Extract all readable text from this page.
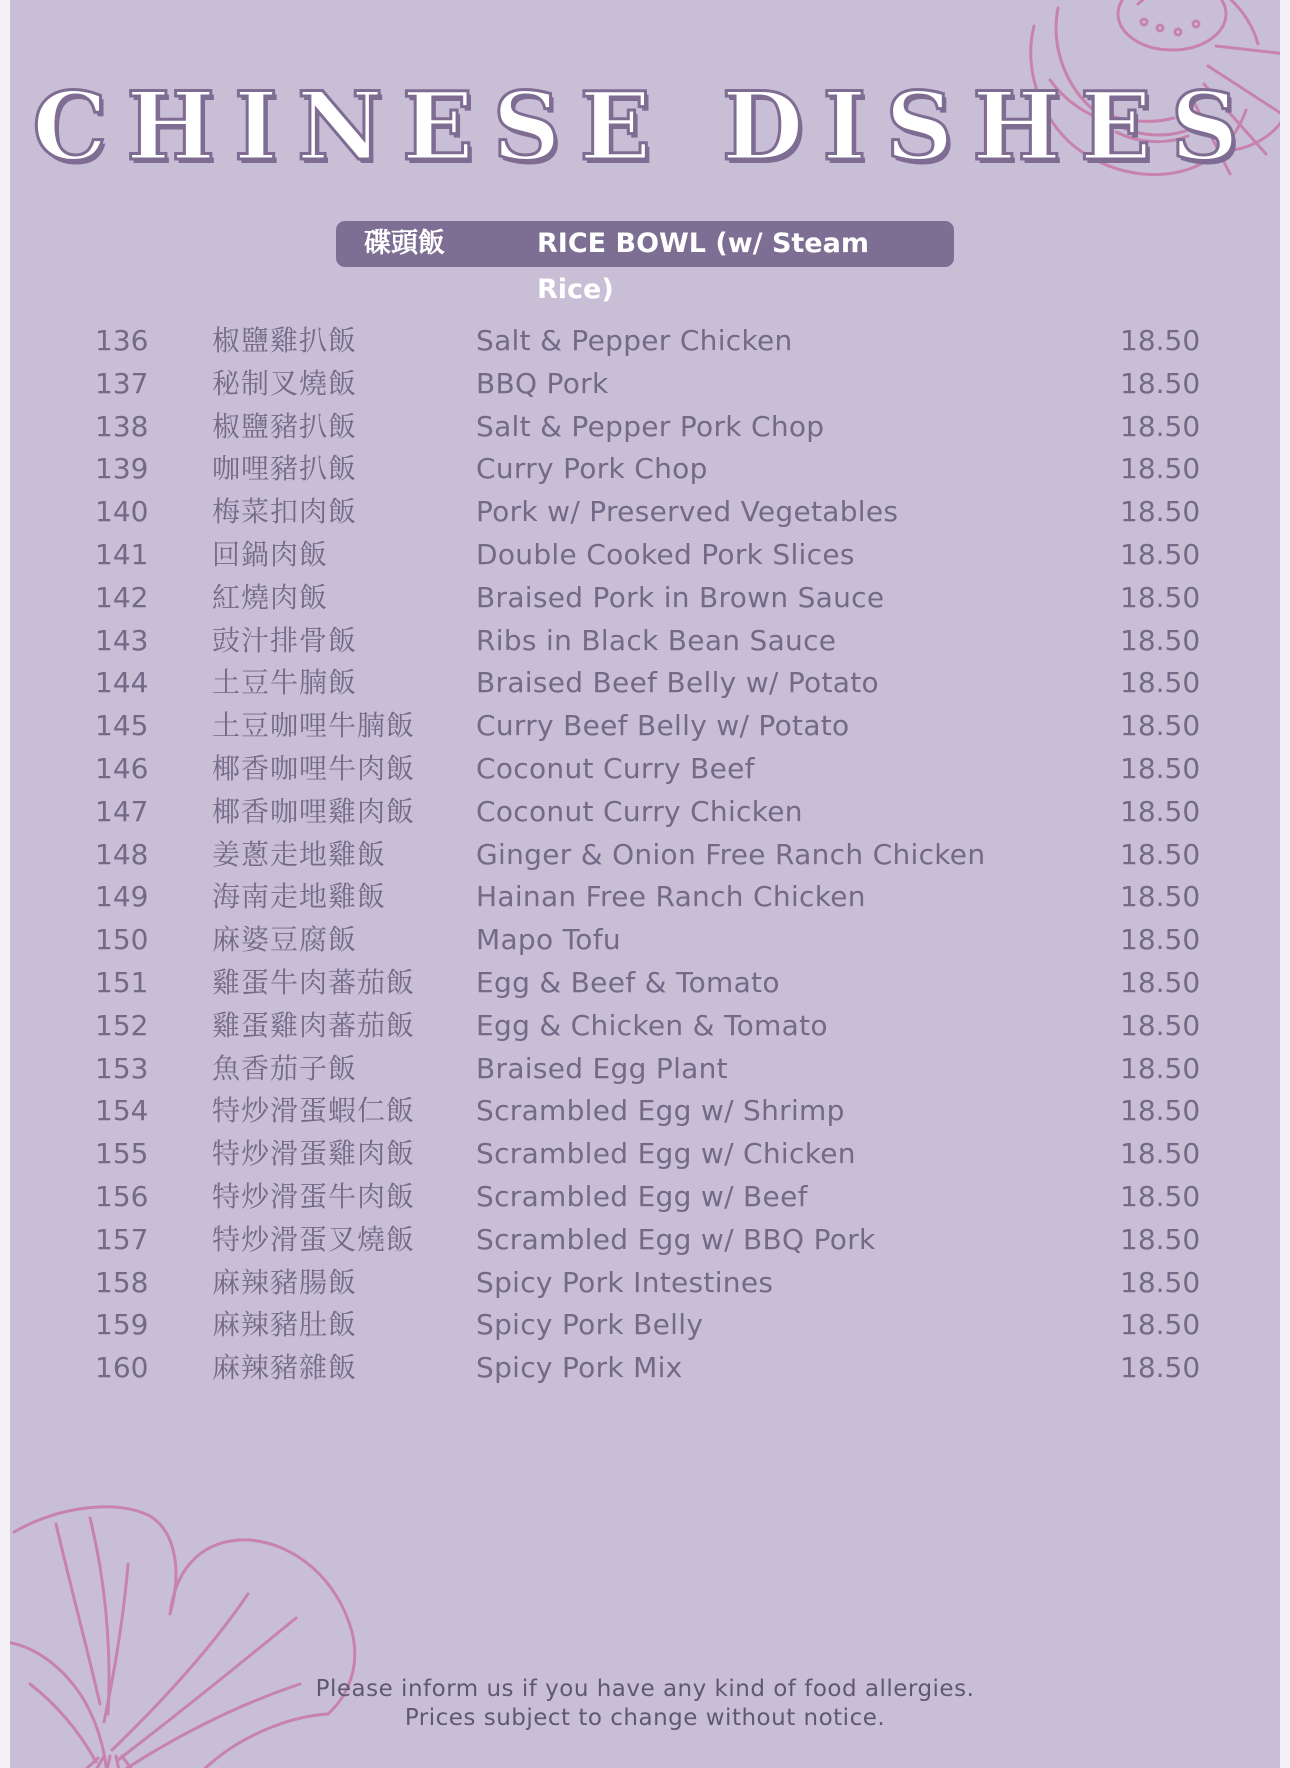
CHINESE DISHES
碟頭飯	RICE BOWL (w/ Steam Rice)
136 椒鹽雞扒飯	Salt & Pepper Chicken	18.50
137 秘制叉燒飯	BBQ Pork	18.50
138 椒鹽豬扒飯	Salt & Pepper Pork Chop	18.50
139 咖哩豬扒飯	Curry Pork Chop	18.50
140 梅菜扣肉飯	Pork w/ Preserved Vegetables	18.50
141 回鍋肉飯	Double Cooked Pork Slices	18.50
142 紅燒肉飯	Braised Pork in Brown Sauce	18.50
143 豉汁排骨飯	Ribs in Black Bean Sauce	18.50
144 土豆牛腩飯	Braised Beef Belly w/ Potato	18.50
145 土豆咖哩牛腩飯 Curry Beef Belly w/ Potato	18.50
146 椰香咖哩牛肉飯 Coconut Curry Beef	18.50
147 椰香咖哩雞肉飯 Coconut Curry Chicken	18.50
148 姜蔥走地雞飯	Ginger & Onion Free Ranch Chicken	18.50
149 海南走地雞飯	Hainan Free Ranch Chicken	18.50
150 麻婆豆腐飯	Mapo Tofu	18.50
151 雞蛋牛肉蕃茄飯 Egg & Beef & Tomato	18.50
152 雞蛋雞肉蕃茄飯 Egg & Chicken & Tomato	18.50
153 魚香茄子飯	Braised Egg Plant	18.50
154 特炒滑蛋蝦仁飯 Scrambled Egg w/ Shrimp	18.50
155 特炒滑蛋雞肉飯 Scrambled Egg w/ Chicken	18.50
156 特炒滑蛋牛肉飯 Scrambled Egg w/ Beef	18.50
157 特炒滑蛋叉燒飯 Scrambled Egg w/ BBQ Pork	18.50
158 麻辣豬腸飯	Spicy Pork Intestines	18.50
159 麻辣豬肚飯	Spicy Pork Belly	18.50
160 麻辣豬雜飯	Spicy Pork Mix	18.50
Please inform us if you have any kind of food allergies.
Prices subject to change without notice.
